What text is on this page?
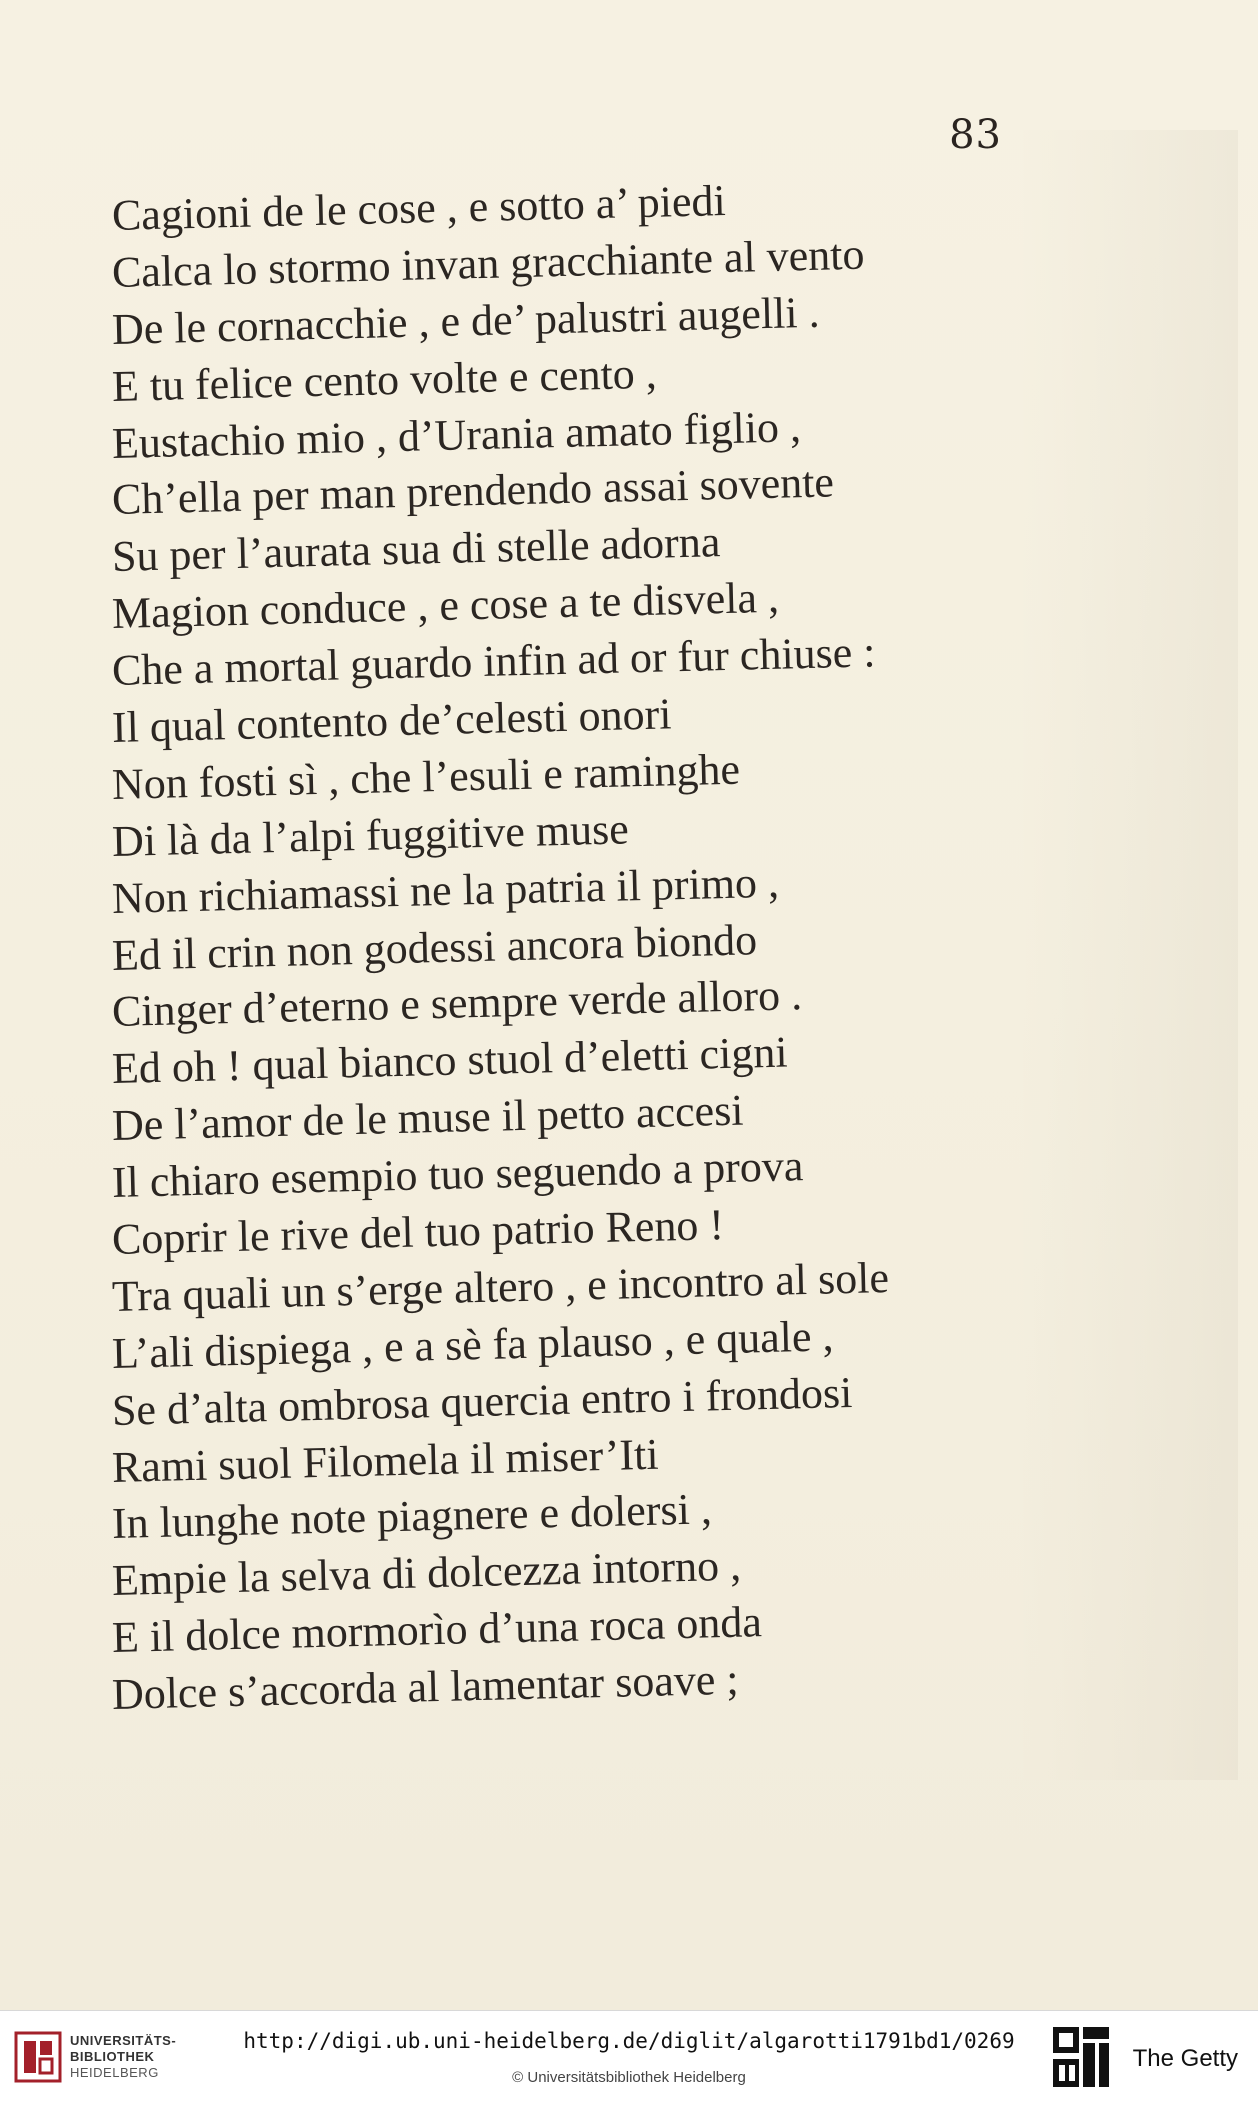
83
Cagioni de le cose , e sotto a’ piedi
Calca lo stormo invan gracchiante al vento
De le cornacchie , e de’ palustri augelli .
E tu felice cento volte e cento ,
Eustachio mio , d’Urania amato figlio ,
Ch’ella per man prendendo assai sovente
Su per l’aurata sua di stelle adorna
Magion conduce , e cose a te disvela ,
Che a mortal guardo infin ad or fur chiuse :
Il qual contento de’celesti onori
Non fosti sì , che l’esuli e raminghe
Di là da l’alpi fuggitive muse
Non richiamassi ne la patria il primo ,
Ed il crin non godessi ancora biondo
Cinger d’eterno e sempre verde alloro .
Ed oh ! qual bianco stuol d’eletti cigni
De l’amor de le muse il petto accesi
Il chiaro esempio tuo seguendo a prova
Coprir le rive del tuo patrio Reno !
Tra quali un s’erge altero , e incontro al sole
L’ali dispiega , e a sè fa plauso , e quale ,
Se d’alta ombrosa quercia entro i frondosi
Rami suol Filomela il miser’Iti
In lunghe note piagnere e dolersi ,
Empie la selva di dolcezza intorno ,
E il dolce mormorìo d’una roca onda
Dolce s’accorda al lamentar soave ;
UNIVERSITÄTS-
BIBLIOTHEK
HEIDELBERG
http://digi.ub.uni-heidelberg.de/diglit/algarotti1791bd1/0269
© Universitätsbibliothek Heidelberg
The Getty
